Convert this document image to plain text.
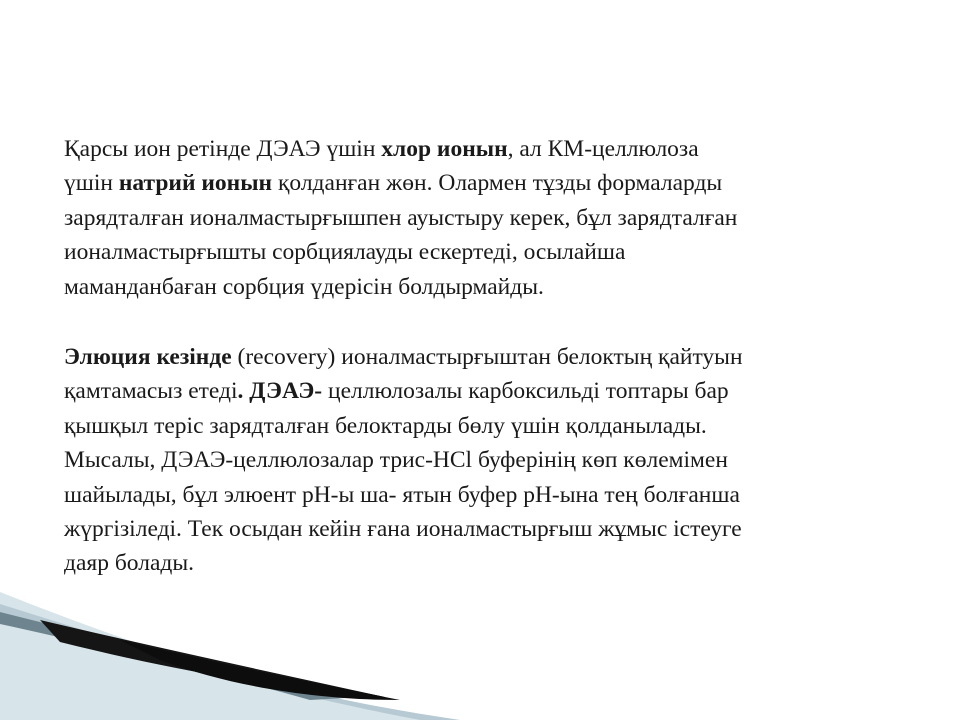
Қарсы ион ретінде ДЭАЭ үшін хлор ионын, ал КМ-целлюлоза
үшін натрий ионын қолданған жөн. Олармен тұзды формаларды
зарядталған ионалмастырғышпен ауыстыру керек, бұл зарядталған
ионалмастырғышты сорбциялауды ескертеді, осылайша
маманданбаған сорбция үдерісін болдырмайды.

Элюция кезінде (recovery) ионалмастырғыштан белоктың қайтуын
қамтамасыз етеді. ДЭАЭ- целлюлозалы карбоксильді топтары бар
қышқыл теріс зарядталған белоктарды бөлу үшін қолданылады.
Мысалы, ДЭАЭ-целлюлозалар трис-HCl буферінің көп көлемімен
шайылады, бұл элюент pH-ы ша- ятын буфер pH-ына тең болғанша
жүргізіледі. Тек осыдан кейін ғана ионалмастырғыш жұмыс істеуге
даяр болады.
